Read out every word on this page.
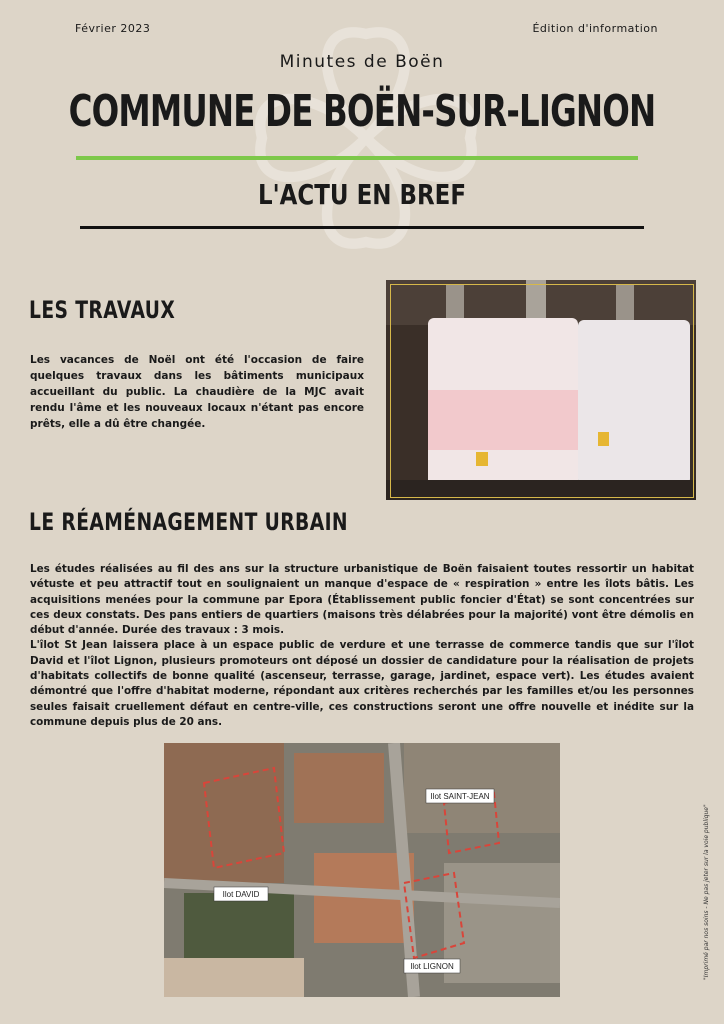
Février 2023	Édition d'information
Minutes de Boën
COMMUNE DE BOËN-SUR-LIGNON
L'ACTU EN BREF
LES TRAVAUX
Les vacances de Noël ont été l'occasion de faire quelques travaux dans les bâtiments municipaux accueillant du public. La chaudière de la MJC avait rendu l'âme et les nouveaux locaux n'étant pas encore prêts, elle a dû être changée.
LE RÉAMÉNAGEMENT URBAIN

Les études réalisées au fil des ans sur la structure urbanistique de Boën faisaient toutes ressortir un habitat vétuste et peu attractif tout en soulignaient un manque d'espace de « respiration » entre les îlots bâtis. Les acquisitions menées pour la commune par Epora (Établissement public foncier d'État) se sont concentrées sur ces deux constats. Des pans entiers de quartiers (maisons très délabrées pour la majorité) vont être démolis en début d'année. Durée des travaux : 3 mois.

L'îlot St Jean laissera place à un espace public de verdure et une terrasse de commerce tandis que sur l'îlot David et l'îlot Lignon, plusieurs promoteurs ont déposé un dossier de candidature pour la réalisation de projets d'habitats collectifs de bonne qualité (ascenseur, terrasse, garage, jardinet, espace vert). Les études avaient démontré que l'offre d'habitat moderne, répondant aux critères recherchés par les familles et/ou les personnes seules faisait cruellement défaut en centre-ville, ces constructions seront une offre nouvelle et inédite sur la commune depuis plus de 20 ans.

Ilot SAINT-JEAN
Ilot DAVID
Ilot LIGNON	"Imprimé par nos soins - Ne pas jeter sur la voie publique"
